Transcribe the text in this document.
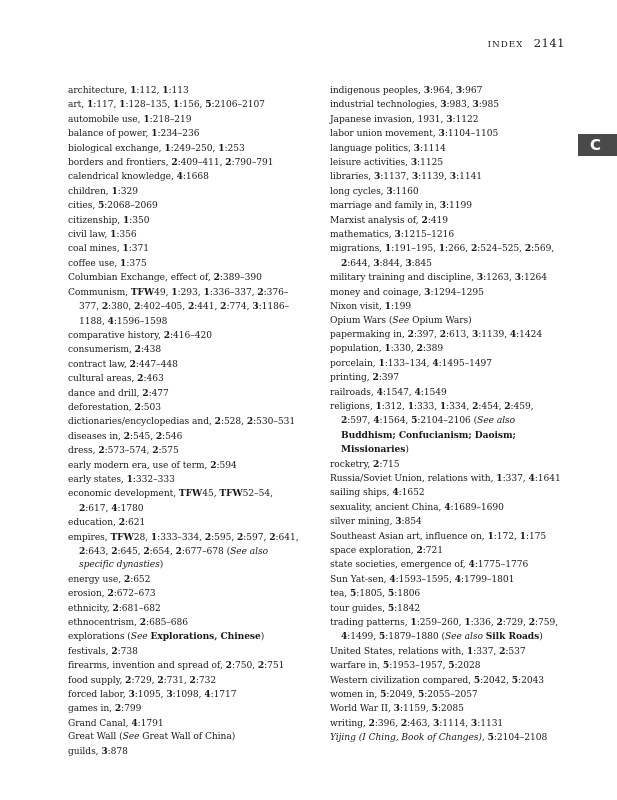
INDEX 2141
C
architecture, 1:112, 1:113
art, 1:117, 1:128–135, 1:156, 5:2106–2107
automobile use, 1:218–219
balance of power, 1:234–236
biological exchange, 1:249–250, 1:253
borders and frontiers, 2:409–411, 2:790–791
calendrical knowledge, 4:1668
children, 1:329
cities, 5:2068–2069
citizenship, 1:350
civil law, 1:356
coal mines, 1:371
coffee use, 1:375
Columbian Exchange, effect of, 2:389–390
Communism, TFW49, 1:293, 1:336–337, 2:376–377, 2:380, 2:402–405, 2:441, 2:774, 3:1186–1188, 4:1596–1598
comparative history, 2:416–420
consumerism, 2:438
contract law, 2:447–448
cultural areas, 2:463
dance and drill, 2:477
deforestation, 2:503
dictionaries/encyclopedias and, 2:528, 2:530–531
diseases in, 2:545, 2:546
dress, 2:573–574, 2:575
early modern era, use of term, 2:594
early states, 1:332–333
economic development, TFW45, TFW52–54, 2:617, 4:1780
education, 2:621
empires, TFW28, 1:333–334, 2:595, 2:597, 2:641, 2:643, 2:645, 2:654, 2:677–678 (See also specific dynasties)
energy use, 2:652
erosion, 2:672–673
ethnicity, 2:681–682
ethnocentrism, 2:685–686
explorations (See Explorations, Chinese)
festivals, 2:738
firearms, invention and spread of, 2:750, 2:751
food supply, 2:729, 2:731, 2:732
forced labor, 3:1095, 3:1098, 4:1717
games in, 2:799
Grand Canal, 4:1791
Great Wall (See Great Wall of China)
guilds, 3:878
indigenous peoples, 3:964, 3:967
industrial technologies, 3:983, 3:985
Japanese invasion, 1931, 3:1122
labor union movement, 3:1104–1105
language politics, 3:1114
leisure activities, 3:1125
libraries, 3:1137, 3:1139, 3:1141
long cycles, 3:1160
marriage and family in, 3:1199
Marxist analysis of, 2:419
mathematics, 3:1215–1216
migrations, 1:191–195, 1:266, 2:524–525, 2:569, 2:644, 3:844, 3:845
military training and discipline, 3:1263, 3:1264
money and coinage, 3:1294–1295
Nixon visit, 1:199
Opium Wars (See Opium Wars)
papermaking in, 2:397, 2:613, 3:1139, 4:1424
population, 1:330, 2:389
porcelain, 1:133–134, 4:1495–1497
printing, 2:397
railroads, 4:1547, 4:1549
religions, 1:312, 1:333, 1:334, 2:454, 2:459, 2:597, 4:1564, 5:2104–2106 (See also Buddhism; Confucianism; Daoism; Missionaries)
rocketry, 2:715
Russia/Soviet Union, relations with, 1:337, 4:1641
sailing ships, 4:1652
sexuality, ancient China, 4:1689–1690
silver mining, 3:854
Southeast Asian art, influence on, 1:172, 1:175
space exploration, 2:721
state societies, emergence of, 4:1775–1776
Sun Yat-sen, 4:1593–1595, 4:1799–1801
tea, 5:1805, 5:1806
tour guides, 5:1842
trading patterns, 1:259–260, 1:336, 2:729, 2:759, 4:1499, 5:1879–1880 (See also Silk Roads)
United States, relations with, 1:337, 2:537
warfare in, 5:1953–1957, 5:2028
Western civilization compared, 5:2042, 5:2043
women in, 5:2049, 5:2055–2057
World War II, 3:1159, 5:2085
writing, 2:396, 2:463, 3:1114, 3:1131
Yijing (I Ching, Book of Changes), 5:2104–2108
